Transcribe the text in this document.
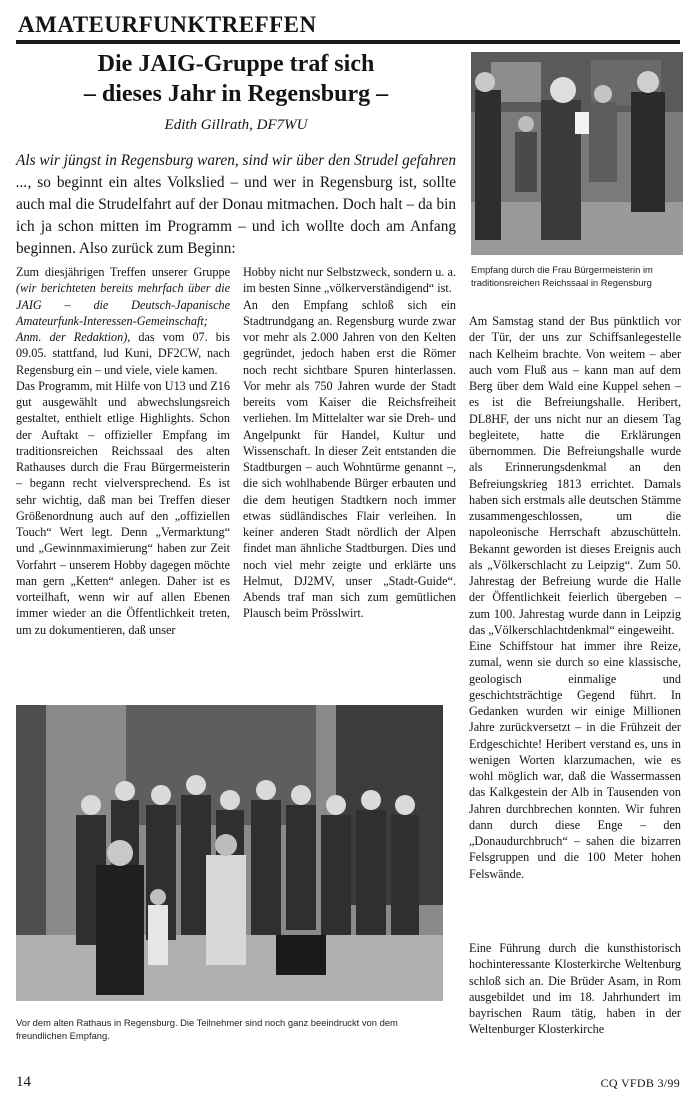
AMATEURFUNKTREFFEN
Die JAIG-Gruppe traf sich
– dieses Jahr in Regensburg –
Edith Gillrath, DF7WU
Als wir jüngst in Regensburg waren, sind wir über den Strudel gefahren ..., so beginnt ein altes Volkslied – und wer in Regensburg ist, sollte auch mal die Strudelfahrt auf der Donau mitmachen. Doch halt – da bin ich ja schon mitten im Programm – und ich wollte doch am Anfang beginnen. Also zurück zum Beginn:

Zum diesjährigen Treffen unserer Gruppe (wir berichteten bereits mehrfach über die JAIG – die Deutsch-Japanische Amateurfunk-Interessen-Gemeinschaft; Anm. der Redaktion), das vom 07. bis 09.05. stattfand, lud Kuni, DF2CW, nach Regensburg ein – und viele, viele kamen.

Das Programm, mit Hilfe von U13 und Z16 gut ausgewählt und abwechslungsreich gestaltet, enthielt etlige Highlights. Schon der Auftakt – offizieller Empfang im traditionsreichen Reichssaal des alten Rathauses durch die Frau Bürgermeisterin – begann recht vielversprechend. Es ist sehr wichtig, daß man bei Treffen dieser Größenordnung auch auf den „offiziellen Touch“ Wert legt. Denn „Vermarktung“ und „Gewinnmaximierung“ haben zur Zeit Vorfahrt – unserem Hobby dagegen möchte man gern „Ketten“ anlegen. Daher ist es vorteilhaft, wenn wir auf allen Ebenen immer wieder an die Öffentlichkeit treten, um zu dokumentieren, daß unser

Hobby nicht nur Selbstzweck, sondern u. a. im besten Sinne „völkerverständigend“ ist.

An den Empfang schloß sich ein Stadtrundgang an. Regensburg wurde zwar vor mehr als 2.000 Jahren von den Kelten gegründet, jedoch haben erst die Römer noch recht sichtbare Spuren hinterlassen. Vor mehr als 750 Jahren wurde der Stadt bereits vom Kaiser die Reichsfreiheit verliehen. Im Mittelalter war sie Dreh- und Angelpunkt für Handel, Kultur und Wissenschaft. In dieser Zeit entstanden die Stadtburgen – auch Wohntürme genannt –, die sich wohlhabende Bürger erbauten und die dem heutigen Stadtkern noch immer etwas südländisches Flair verleihen. In keiner anderen Stadt nördlich der Alpen findet man ähnliche Stadtburgen. Dies und noch viel mehr zeigte und erklärte uns Helmut, DJ2MV, unser „Stadt-Guide“. Abends traf man sich zum gemütlichen Plausch beim Prösslwirt.

Am Samstag stand der Bus pünktlich vor der Tür, der uns zur Schiffsanlegestelle nach Kelheim brachte. Von weitem – aber auch vom Fluß aus – kann man auf dem Berg über dem Wald eine Kuppel sehen – es ist die Befreiungshalle. Heribert, DL8HF, der uns nicht nur an diesem Tag begleitete, hatte die Erklärungen übernommen. Die Befreiungshalle wurde als Erinnerungsdenkmal an den Befreiungskrieg 1813 errichtet. Damals haben sich erstmals alle deutschen Stämme zusammengeschlossen, um die napoleonische Herrschaft abzuschütteln. Bekannt geworden ist dieses Ereignis auch als „Völkerschlacht zu Leipzig“. Zum 50. Jahrestag der Befreiung wurde die Halle der Öffentlichkeit feierlich übergeben – zum 100. Jahrestag wurde dann in Leipzig das „Völkerschlachtdenkmal“ eingeweiht.

Eine Schiffstour hat immer ihre Reize, zumal, wenn sie durch so eine klassische, geologisch einmalige und geschichtsträchtige Gegend führt. In Gedanken wurden wir einige Millionen Jahre zurückversetzt – in die Frühzeit der Erdgeschichte! Heribert verstand es, uns in wenigen Worten klarzumachen, wie es wohl möglich war, daß die Wassermassen das Kalkgestein der Alb in Tausenden von Jahren durchbrechen konnten. Wir fuhren dann durch diese Enge – den „Donaudurchbruch“ – sahen die bizarren Felsgruppen und die 100 Meter hohen Felswände.

Eine Führung durch die kunsthistorisch hochinteressante Klosterkirche Weltenburg schloß sich an. Die Brüder Asam, in Rom ausgebildet und im 18. Jahrhundert im bayrischen Raum tätig, haben in der Weltenburger Klosterkirche

Empfang durch die Frau Bürgermeisterin im traditionsreichen Reichssaal in Regensburg
Vor dem alten Rathaus in Regensburg. Die Teilnehmer sind noch ganz beeindruckt von dem freundlichen Empfang.
14	CQ VFDB 3/99
